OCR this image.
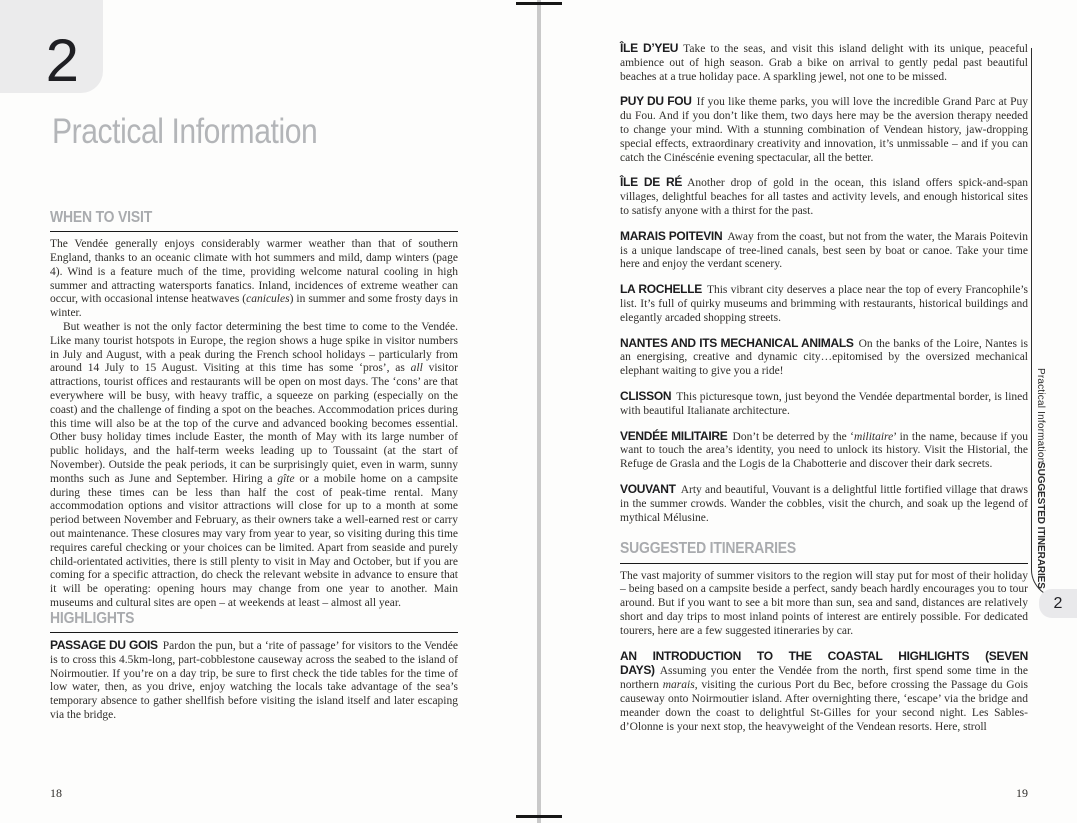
2
Practical Information
WHEN TO VISIT

The Vendée generally enjoys considerably warmer weather than that of southern England, thanks to an oceanic climate with hot summers and mild, damp winters (page 4). Wind is a feature much of the time, providing welcome natural cooling in high summer and attracting watersports fanatics. Inland, incidences of extreme weather can occur, with occasional intense heatwaves (canicules) in summer and some frosty days in winter.

But weather is not the only factor determining the best time to come to the Vendée. Like many tourist hotspots in Europe, the region shows a huge spike in visitor numbers in July and August, with a peak during the French school holidays – particularly from around 14 July to 15 August. Visiting at this time has some ‘pros’, as all visitor attractions, tourist offices and restaurants will be open on most days. The ‘cons’ are that everywhere will be busy, with heavy traffic, a squeeze on parking (especially on the coast) and the challenge of finding a spot on the beaches. Accommodation prices during this time will also be at the top of the curve and advanced booking becomes essential. Other busy holiday times include Easter, the month of May with its large number of public holidays, and the half-term weeks leading up to Toussaint (at the start of November). Outside the peak periods, it can be surprisingly quiet, even in warm, sunny months such as June and September. Hiring a gîte or a mobile home on a campsite during these times can be less than half the cost of peak-time rental. Many accommodation options and visitor attractions will close for up to a month at some period between November and February, as their owners take a well-earned rest or carry out maintenance. These closures may vary from year to year, so visiting during this time requires careful checking or your choices can be limited. Apart from seaside and purely child-orientated activities, there is still plenty to visit in May and October, but if you are coming for a specific attraction, do check the relevant website in advance to ensure that it will be operating: opening hours may change from one year to another. Main museums and cultural sites are open – at weekends at least – almost all year.

HIGHLIGHTS

PASSAGE DU GOIS Pardon the pun, but a ‘rite of passage’ for visitors to the Vendée is to cross this 4.5km-long, part-cobblestone causeway across the seabed to the island of Noirmoutier. If you’re on a day trip, be sure to first check the tide tables for the time of low water, then, as you drive, enjoy watching the locals take advantage of the sea’s temporary absence to gather shellfish before visiting the island itself and later escaping via the bridge.

18

ÎLE D’YEU Take to the seas, and visit this island delight with its unique, peaceful ambience out of high season. Grab a bike on arrival to gently pedal past beautiful beaches at a true holiday pace. A sparkling jewel, not one to be missed.

PUY DU FOU If you like theme parks, you will love the incredible Grand Parc at Puy du Fou. And if you don’t like them, two days here may be the aversion therapy needed to change your mind. With a stunning combination of Vendean history, jaw-dropping special effects, extraordinary creativity and innovation, it’s unmissable – and if you can catch the Cinéscénie evening spectacular, all the better.

ÎLE DE RÉ Another drop of gold in the ocean, this island offers spick-and-span villages, delightful beaches for all tastes and activity levels, and enough historical sites to satisfy anyone with a thirst for the past.

MARAIS POITEVIN Away from the coast, but not from the water, the Marais Poitevin is a unique landscape of tree-lined canals, best seen by boat or canoe. Take your time here and enjoy the verdant scenery.

LA ROCHELLE This vibrant city deserves a place near the top of every Francophile’s list. It’s full of quirky museums and brimming with restaurants, historical buildings and elegantly arcaded shopping streets.

NANTES AND ITS MECHANICAL ANIMALS On the banks of the Loire, Nantes is an energising, creative and dynamic city…epitomised by the oversized mechanical elephant waiting to give you a ride!

CLISSON This picturesque town, just beyond the Vendée departmental border, is lined with beautiful Italianate architecture.

VENDÉE MILITAIRE Don’t be deterred by the ‘militaire’ in the name, because if you want to touch the area’s identity, you need to unlock its history. Visit the Historial, the Refuge de Grasla and the Logis de la Chabotterie and discover their dark secrets.

VOUVANT Arty and beautiful, Vouvant is a delightful little fortified village that draws in the summer crowds. Wander the cobbles, visit the church, and soak up the legend of mythical Mélusine.

SUGGESTED ITINERARIES

The vast majority of summer visitors to the region will stay put for most of their holiday – being based on a campsite beside a perfect, sandy beach hardly encourages you to tour around. But if you want to see a bit more than sun, sea and sand, distances are relatively short and day trips to most inland points of interest are entirely possible. For dedicated tourers, here are a few suggested itineraries by car.

AN INTRODUCTION TO THE COASTAL HIGHLIGHTS (SEVEN DAYS) Assuming you enter the Vendée from the north, first spend some time in the northern marais, visiting the curious Port du Bec, before crossing the Passage du Gois causeway onto Noirmoutier island. After overnighting there, ‘escape’ via the bridge and meander down the coast to delightful St-Gilles for your second night. Les Sables-d’Olonne is your next stop, the heavyweight of the Vendean resorts. Here, stroll

19
Practical Information
SUGGESTED ITINERARIES
2
